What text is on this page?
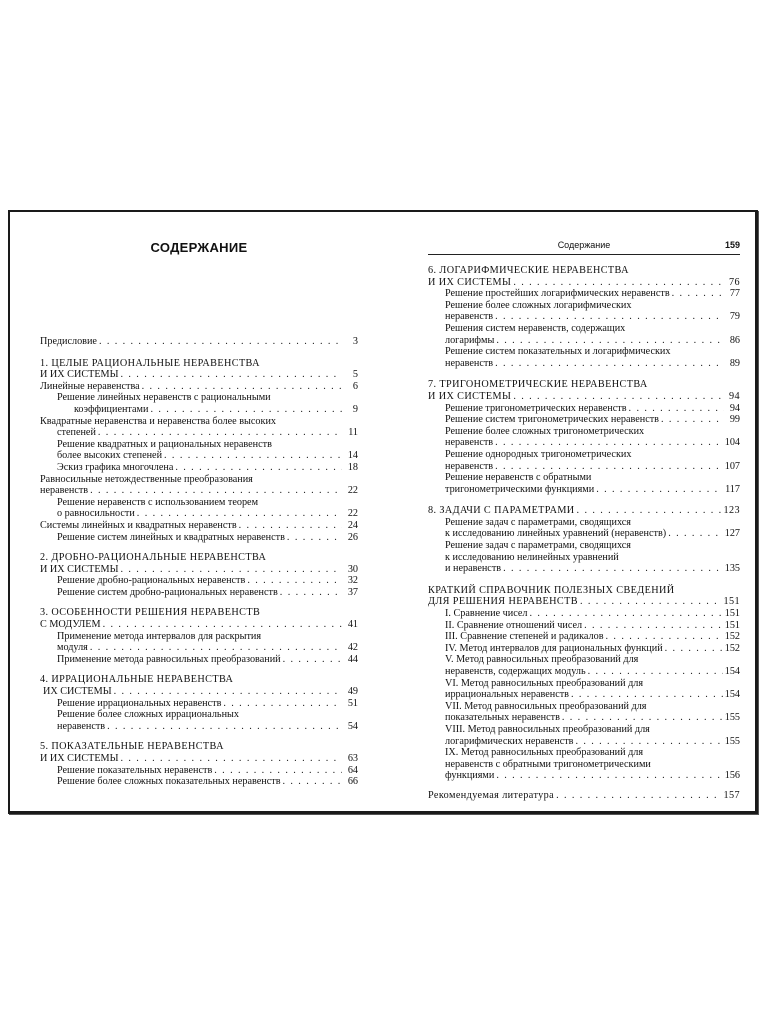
СОДЕРЖАНИЕ
Предисловие . . .	3
1. ЦЕЛЫЕ РАЦИОНАЛЬНЫЕ НЕРАВЕНСТВА
И ИХ СИСТЕМЫ . . .	5
Линейные неравенства . . .	6
Решение линейных неравенств с рациональными
коэффициентами . . .	9
Квадратные неравенства и неравенства более высоких
степеней . . .	11
Решение квадратных и рациональных неравенств
более высоких степеней . . .	14
Эскиз графика многочлена . . .	18
Равносильные нетождественные преобразования
неравенств . . .	22
Решение неравенств с использованием теорем
о равносильности . . .	22
Системы линейных и квадратных неравенств . . .	24
Решение систем линейных и квадратных неравенств . . .	26
2. ДРОБНО-РАЦИОНАЛЬНЫЕ НЕРАВЕНСТВА
И ИХ СИСТЕМЫ . . .	30
Решение дробно-рациональных неравенств . . .	32
Решение систем дробно-рациональных неравенств . . .	37
3. ОСОБЕННОСТИ РЕШЕНИЯ НЕРАВЕНСТВ
С МОДУЛЕМ . . .	41
Применение метода интервалов для раскрытия
модуля . . .	42
Применение метода равносильных преобразований . . .	44
4. ИРРАЦИОНАЛЬНЫЕ НЕРАВЕНСТВА
ИХ СИСТЕМЫ . . .	49
Решение иррациональных неравенств . . .	51
Решение более сложных иррациональных
неравенств . . .	54
5. ПОКАЗАТЕЛЬНЫЕ НЕРАВЕНСТВА
И ИХ СИСТЕМЫ . . .	63
Решение показательных неравенств . . .	64
Решение более сложных показательных неравенств . . .	66
Содержание	159
6. ЛОГАРИФМИЧЕСКИЕ НЕРАВЕНСТВА
И ИХ СИСТЕМЫ . . .	76
Решение простейших логарифмических неравенств . . .	77
Решение более сложных логарифмических
неравенств . . .	79
Решения систем неравенств, содержащих
логарифмы . . .	86
Решение систем показательных и логарифмических
неравенств . . .	89
7. ТРИГОНОМЕТРИЧЕСКИЕ НЕРАВЕНСТВА
И ИХ СИСТЕМЫ . . .	94
Решение тригонометрических неравенств . . .	94
Решение систем тригонометрических неравенств . . .	99
Решение более сложных тригонометрических
неравенств . . .	104
Решение однородных тригонометрических
неравенств . . .	107
Решение неравенств с обратными
тригонометрическими функциями . . .	117
8. ЗАДАЧИ С ПАРАМЕТРАМИ . . .	123
Решение задач с параметрами, сводящихся
к исследованию линейных уравнений (неравенств) . . .	127
Решение задач с параметрами, сводящихся
к исследованию нелинейных уравнений
и неравенств . . .	135
КРАТКИЙ СПРАВОЧНИК ПОЛЕЗНЫХ СВЕДЕНИЙ
ДЛЯ РЕШЕНИЯ НЕРАВЕНСТВ . . .	151
I. Сравнение чисел . . .	151
II. Сравнение отношений чисел . . .	151
III. Сравнение степеней и радикалов . . .	152
IV. Метод интервалов для рациональных функций . . .	152
V. Метод равносильных преобразований для
неравенств, содержащих модуль . . .	154
VI. Метод равносильных преобразований для
иррациональных неравенств . . .	154
VII. Метод равносильных преобразований для
показательных неравенств . . .	155
VIII. Метод равносильных преобразований для
логарифмических неравенств . . .	155
IX. Метод равносильных преобразований для
неравенств с обратными тригонометрическими
функциями . . .	156
Рекомендуемая литература . . .	157
